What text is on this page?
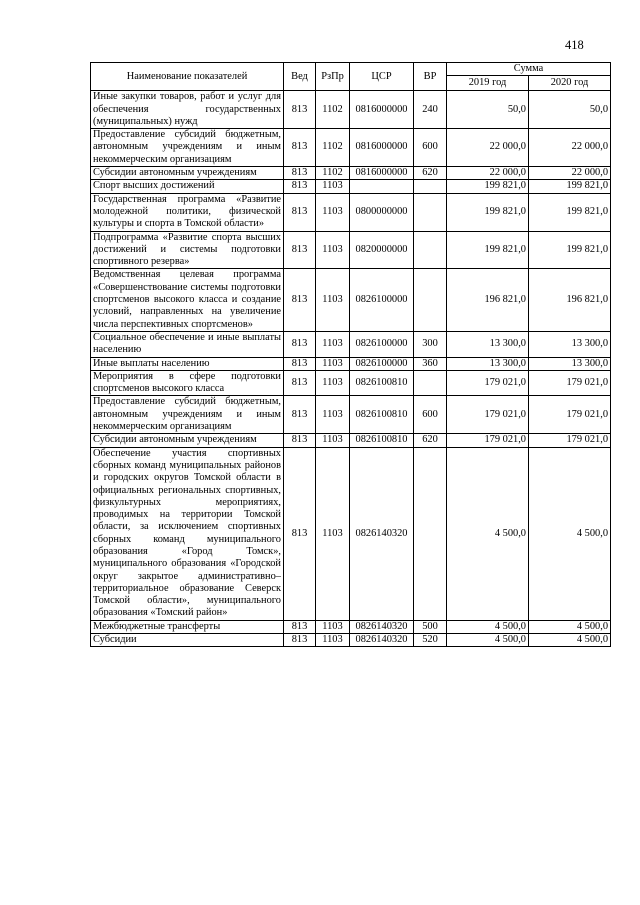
418
Наименование показателей	Вед	РзПр	ЦСР	ВР	Сумма	
					2019 год	2020 год
Иные закупки товаров, работ и услуг для обеспечения государственных (муниципальных) нужд	813	1102	0816000000	240	50,0	50,0
Предоставление субсидий бюджетным, автономным учреждениям и иным некоммерческим организациям	813	1102	0816000000	600	22 000,0	22 000,0
Субсидии автономным учреждениям	813	1102	0816000000	620	22 000,0	22 000,0
Спорт высших достижений	813	1103			199 821,0	199 821,0
Государственная программа «Развитие молодежной политики, физической культуры и спорта в Томской области»	813	1103	0800000000		199 821,0	199 821,0
Подпрограмма «Развитие спорта высших достижений и системы подготовки спортивного резерва»	813	1103	0820000000		199 821,0	199 821,0
Ведомственная целевая программа «Совершенствование системы подготовки спортсменов высокого класса и создание условий, направленных на увеличение числа перспективных спортсменов»	813	1103	0826100000		196 821,0	196 821,0
Социальное обеспечение и иные выплаты населению	813	1103	0826100000	300	13 300,0	13 300,0
Иные выплаты населению	813	1103	0826100000	360	13 300,0	13 300,0
Мероприятия в сфере подготовки спортсменов высокого класса	813	1103	0826100810		179 021,0	179 021,0
Предоставление субсидий бюджетным, автономным учреждениям и иным некоммерческим организациям	813	1103	0826100810	600	179 021,0	179 021,0
Субсидии автономным учреждениям	813	1103	0826100810	620	179 021,0	179 021,0
Обеспечение участия спортивных сборных команд муниципальных районов и городских округов Томской области в официальных региональных спортивных, физкультурных мероприятиях, проводимых на территории Томской области, за исключением спортивных сборных команд муниципального образования «Город Томск», муниципального образования «Городской округ закрытое административно–территориальное образование Северск Томской области», муниципального образования «Томский район»	813	1103	0826140320		4 500,0	4 500,0
Межбюджетные трансферты	813	1103	0826140320	500	4 500,0	4 500,0
Субсидии	813	1103	0826140320	520	4 500,0	4 500,0
